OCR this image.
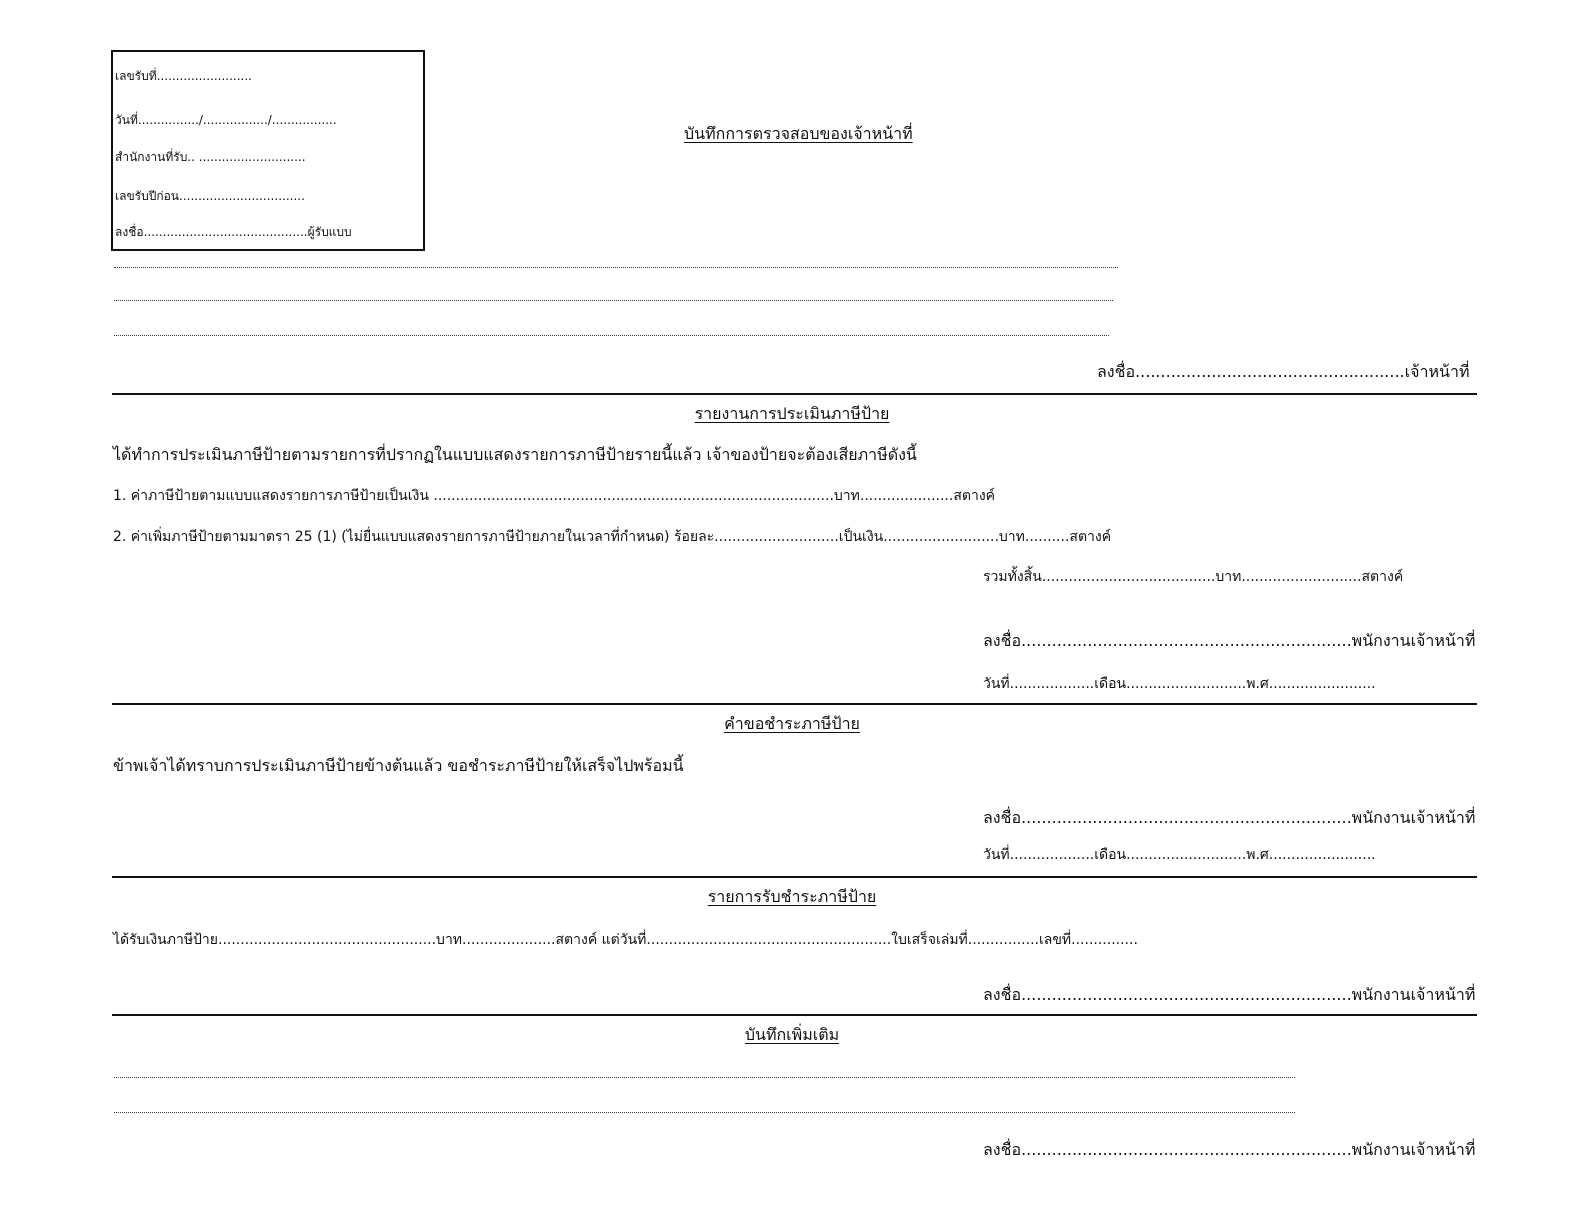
เลขรับที่.........................
วันที่................/................./.................
สำนักงานที่รับ.. ............................
เลขรับปีก่อน.................................
ลงชื่อ...........................................ผู้รับแบบ
บันทึกการตรวจสอบของเจ้าหน้าที่
ลงชื่อ.....................................................เจ้าหน้าที่
รายงานการประเมินภาษีป้าย
ได้ทำการประเมินภาษีป้ายตามรายการที่ปรากฏในแบบแสดงรายการภาษีป้ายรายนี้แล้ว เจ้าของป้ายจะต้องเสียภาษีดังนี้
1. ค่าภาษีป้ายตามแบบแสดงรายการภาษีป้ายเป็นเงิน ..........................................................................................บาท.....................สตางค์
2. ค่าเพิ่มภาษีป้ายตามมาตรา 25 (1) (ไม่ยื่นแบบแสดงรายการภาษีป้ายภายในเวลาที่กำหนด) ร้อยละ............................เป็นเงิน..........................บาท..........สตางค์
รวมทั้งสิ้น.......................................บาท...........................สตางค์
ลงชื่อ.................................................................พนักงานเจ้าหน้าที่
วันที่...................เดือน...........................พ.ศ........................
คำขอชำระภาษีป้าย
ข้าพเจ้าได้ทราบการประเมินภาษีป้ายข้างต้นแล้ว ขอชำระภาษีป้ายให้เสร็จไปพร้อมนี้
ลงชื่อ.................................................................พนักงานเจ้าหน้าที่
วันที่...................เดือน...........................พ.ศ........................
รายการรับชำระภาษีป้าย
ได้รับเงินภาษีป้าย.................................................บาท.....................สตางค์ แต่วันที่.......................................................ใบเสร็จเล่มที่................เลขที่...............
ลงชื่อ.................................................................พนักงานเจ้าหน้าที่
บันทึกเพิ่มเติม
ลงชื่อ.................................................................พนักงานเจ้าหน้าที่
